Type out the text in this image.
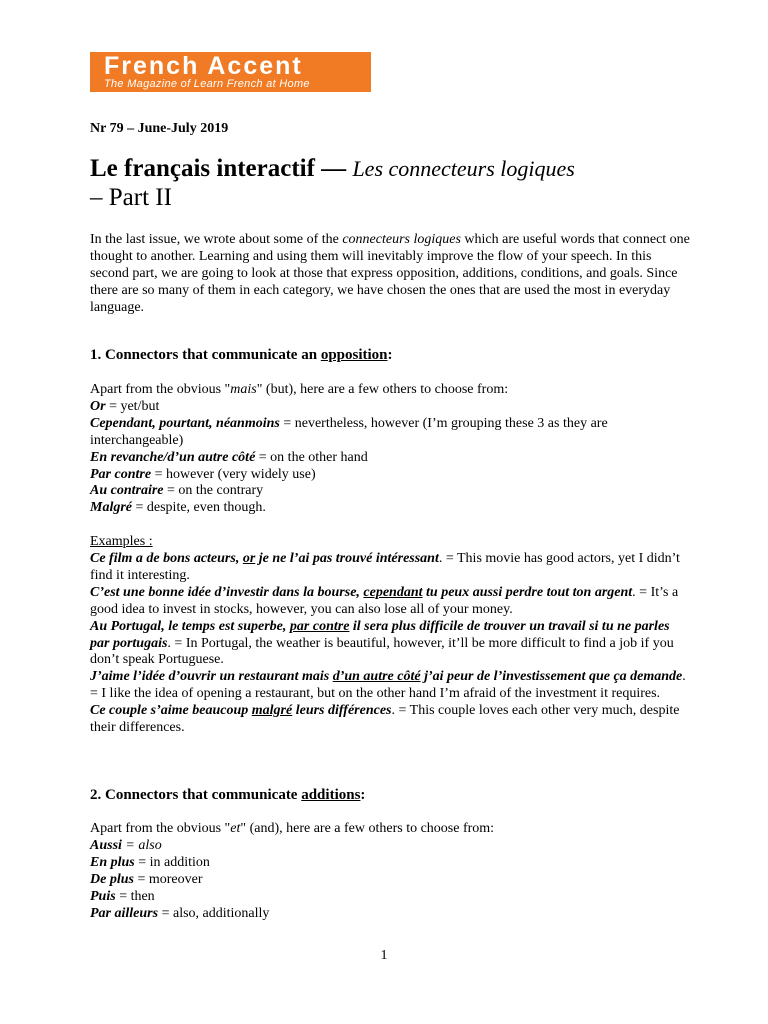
French Accent
The Magazine of Learn French at Home
Nr 79 – June-July 2019
Le français interactif — Les connecteurs logiques
– Part II
In the last issue, we wrote about some of the connecteurs logiques which are useful words that connect one thought to another. Learning and using them will inevitably improve the flow of your speech. In this second part, we are going to look at those that express opposition, additions, conditions, and goals. Since there are so many of them in each category, we have chosen the ones that are used the most in everyday language.
1. Connectors that communicate an opposition:

Apart from the obvious "mais" (but), here are a few others to choose from:

Or = yet/but

Cependant, pourtant, néanmoins = nevertheless, however (I’m grouping these 3 as they are interchangeable)

En revanche/d’un autre côté = on the other hand

Par contre = however (very widely use)

Au contraire = on the contrary

Malgré = despite, even though.

Examples :

Ce film a de bons acteurs, or je ne l’ai pas trouvé intéressant. = This movie has good actors, yet I didn’t find it interesting.

C’est une bonne idée d’investir dans la bourse, cependant tu peux aussi perdre tout ton argent. = It’s a good idea to invest in stocks, however, you can also lose all of your money.

Au Portugal, le temps est superbe, par contre il sera plus difficile de trouver un travail si tu ne parles par portugais. = In Portugal, the weather is beautiful, however, it’ll be more difficult to find a job if you don’t speak Portuguese.

J’aime l’idée d’ouvrir un restaurant mais d’un autre côté j’ai peur de l’investissement que ça demande. = I like the idea of opening a restaurant, but on the other hand I’m afraid of the investment it requires.

Ce couple s’aime beaucoup malgré leurs différences. = This couple loves each other very much, despite their differences.

2. Connectors that communicate additions:

Apart from the obvious "et" (and), here are a few others to choose from:

Aussi = also

En plus = in addition

De plus = moreover

Puis = then

Par ailleurs = also, additionally

1
